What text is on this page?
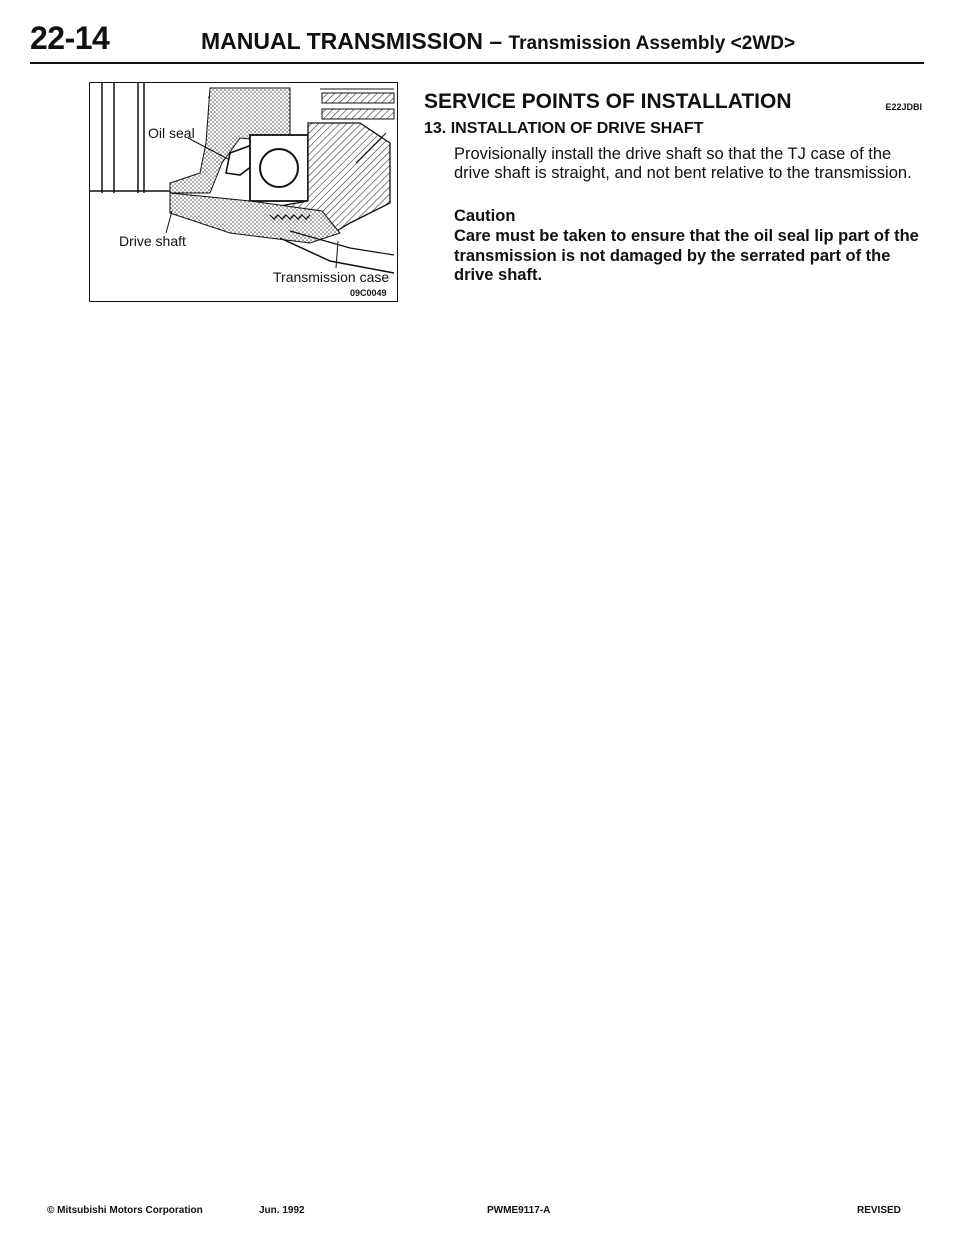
22-14	MANUAL TRANSMISSION – Transmission Assembly <2WD>
Oil seal
Drive shaft
Transmission case
09C0049
SERVICE POINTS OF INSTALLATION	E22JDBI
13. INSTALLATION OF DRIVE SHAFT
Provisionally install the drive shaft so that the TJ case of the drive shaft is straight, and not bent relative to the transmission.
Caution
Care must be taken to ensure that the oil seal lip part of the transmission is not damaged by the serrated part of the drive shaft.
© Mitsubishi Motors Corporation	Jun. 1992	PWME9117-A	REVISED
